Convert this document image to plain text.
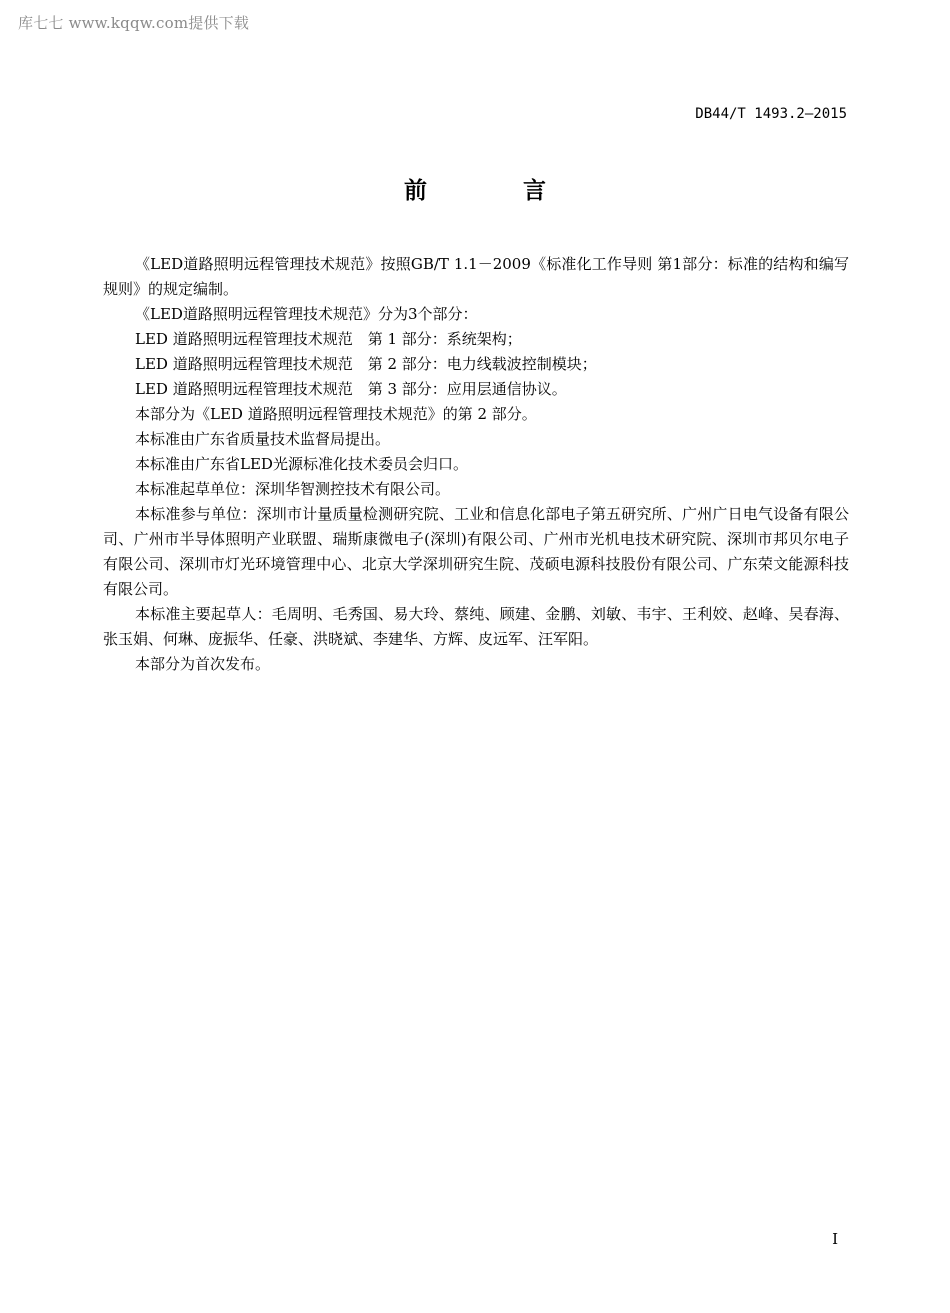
库七七 www.kqqw.com提供下载
DB44/T 1493.2—2015
前 言

《LED道路照明远程管理技术规范》按照GB/T 1.1－2009《标准化工作导则 第1部分：标准的结构和编写规则》的规定编制。

《LED道路照明远程管理技术规范》分为3个部分：

LED 道路照明远程管理技术规范　第 1 部分：系统架构；

LED 道路照明远程管理技术规范　第 2 部分：电力线载波控制模块；

LED 道路照明远程管理技术规范　第 3 部分：应用层通信协议。

本部分为《LED 道路照明远程管理技术规范》的第 2 部分。

本标准由广东省质量技术监督局提出。

本标准由广东省LED光源标准化技术委员会归口。

本标准起草单位：深圳华智测控技术有限公司。

本标准参与单位：深圳市计量质量检测研究院、工业和信息化部电子第五研究所、广州广日电气设备有限公司、广州市半导体照明产业联盟、瑞斯康微电子(深圳)有限公司、广州市光机电技术研究院、深圳市邦贝尔电子有限公司、深圳市灯光环境管理中心、北京大学深圳研究生院、茂硕电源科技股份有限公司、广东荣文能源科技有限公司。

本标准主要起草人：毛周明、毛秀国、易大玲、蔡纯、顾建、金鹏、刘敏、韦宇、王利姣、赵峰、吴春海、张玉娟、何琳、庞振华、任豪、洪晓斌、李建华、方辉、皮远军、汪军阳。

本部分为首次发布。

I
